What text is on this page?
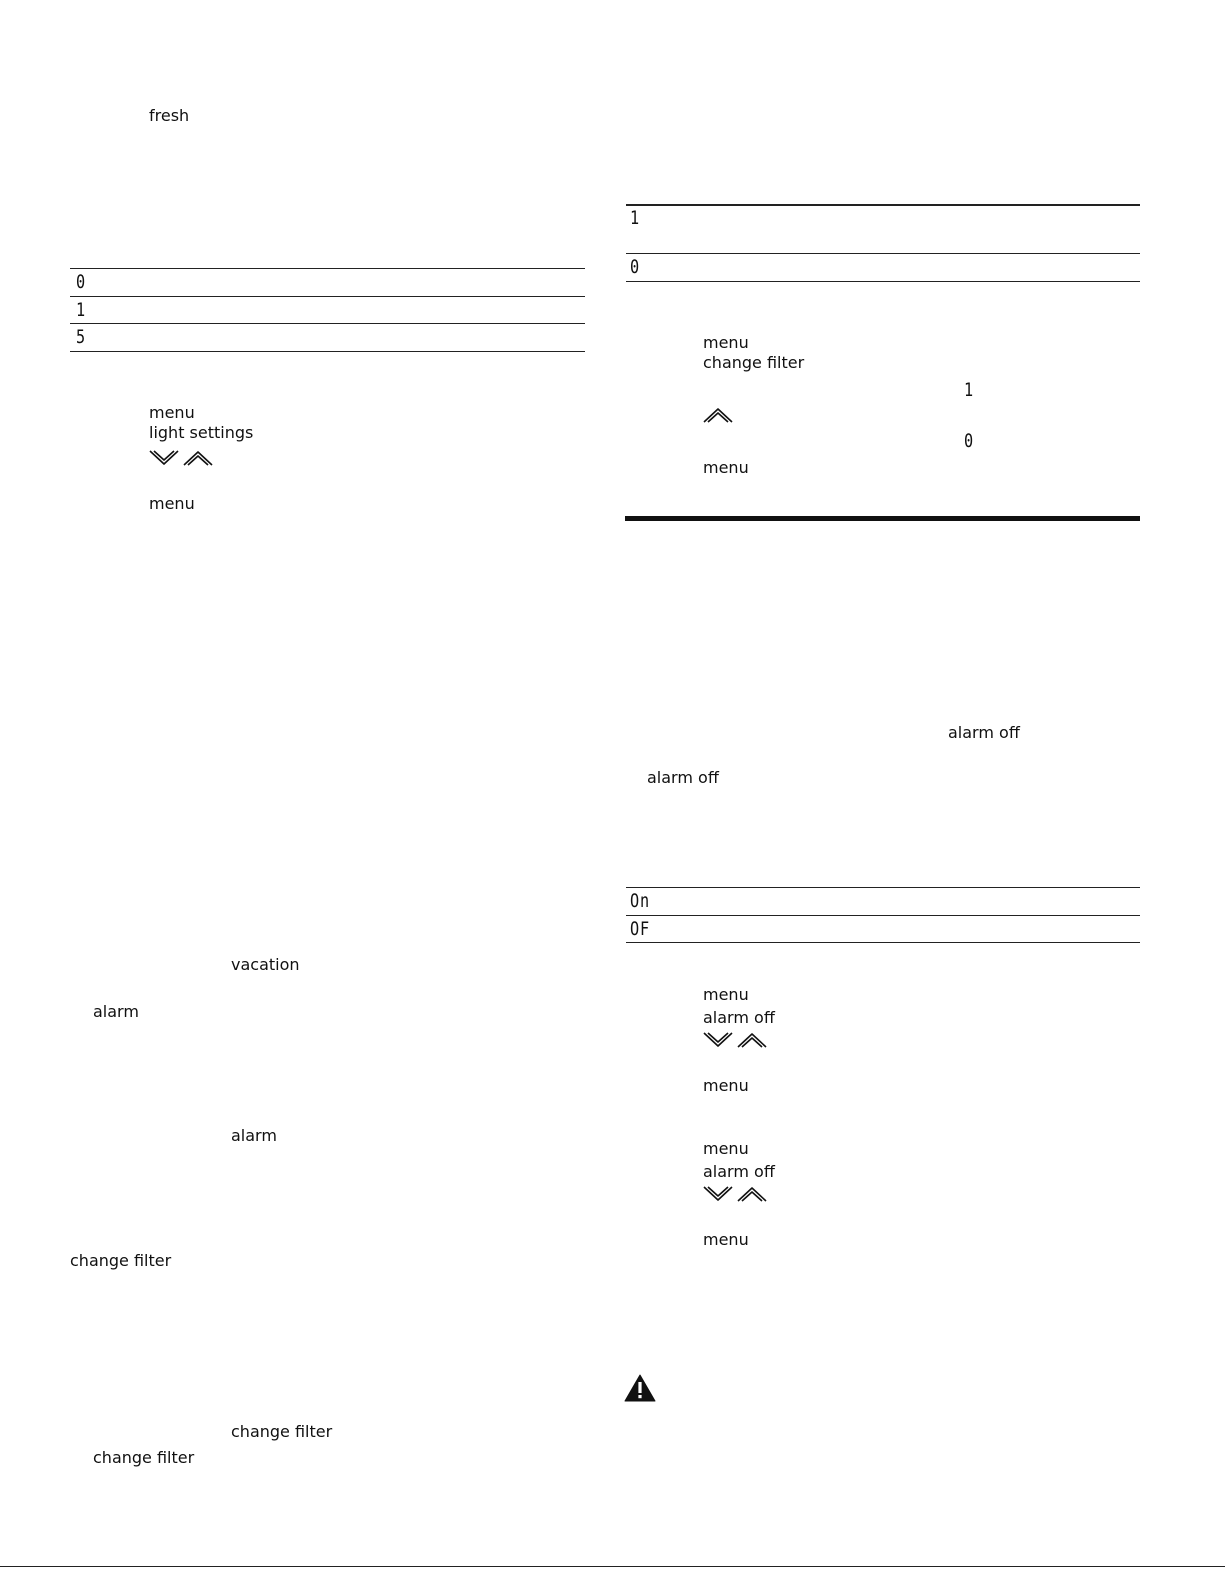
fresh
0
1
5
menu
light settings
menu
vacation
alarm
alarm
change filter
change filter
change filter
1
0
menu
change filter
1
0
menu
alarm off
alarm off
On
OF
menu
alarm off
menu
menu
alarm off
menu
